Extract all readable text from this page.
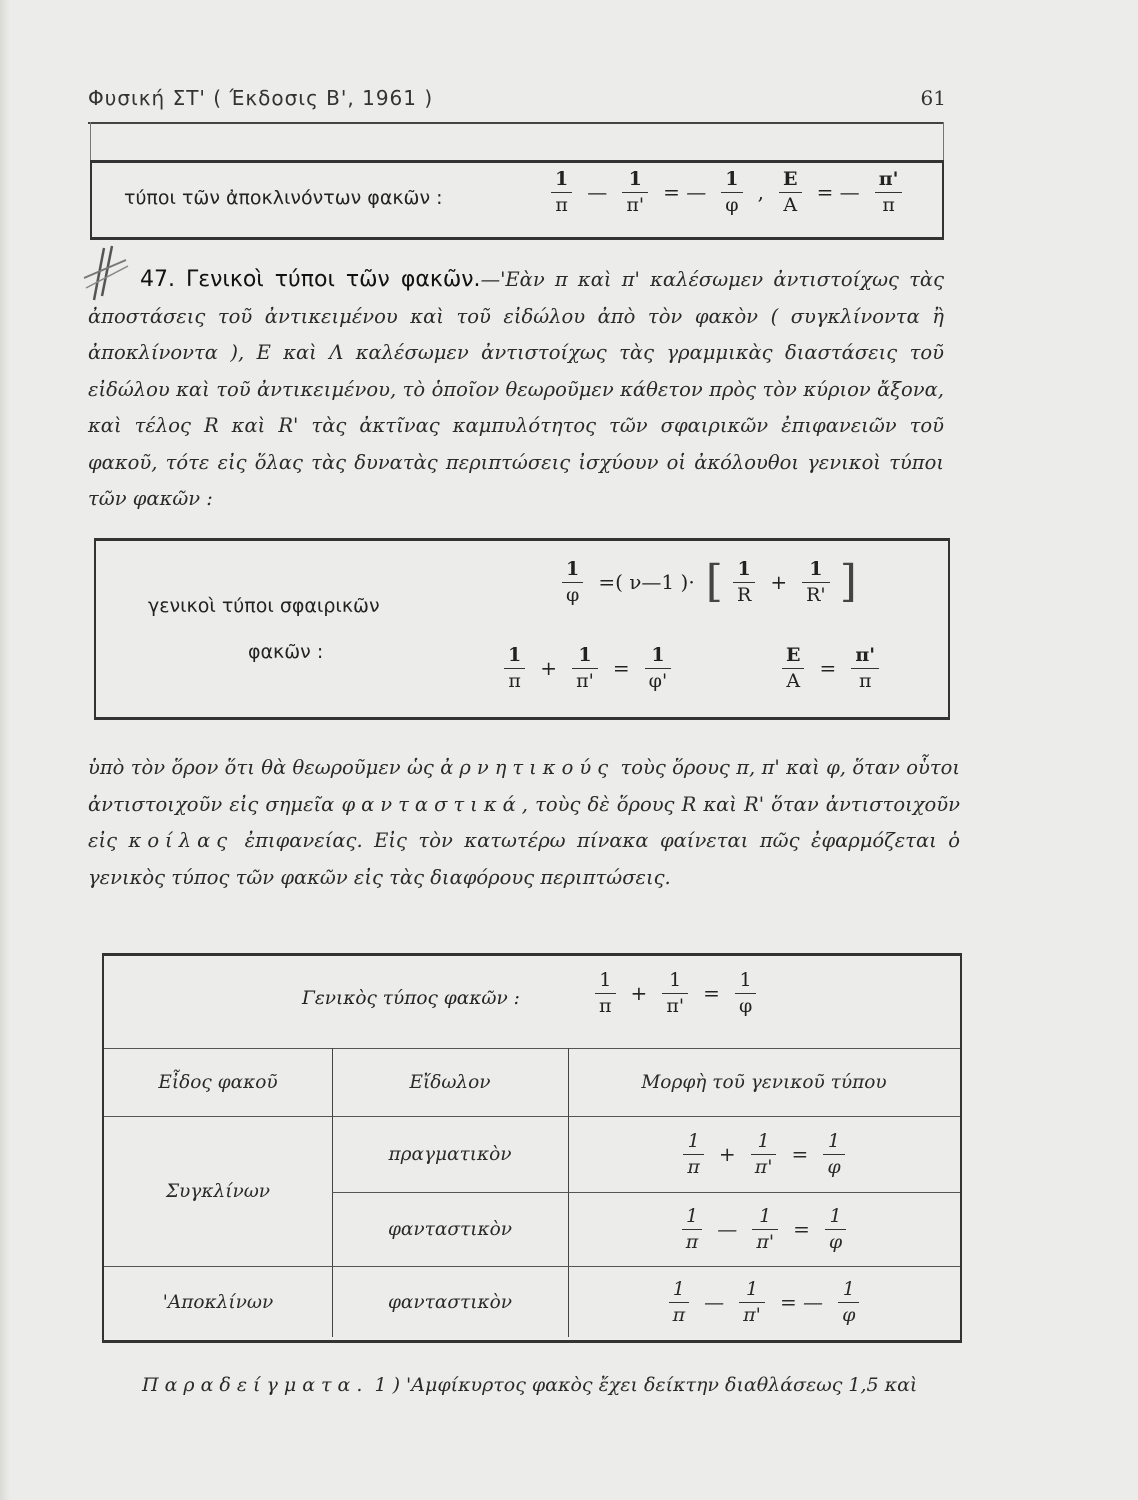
Φυσική ΣΤ' ( Έκδοσις Β', 1961 )	61
τύποι τῶν ἀποκλινόντων φακῶν :	$\frac{1}{\pi}$ — $\frac{1}{\pi'}$ = — $\frac{1}{\varphi}$ , $\frac{E}{A}$ = — $\frac{\pi'}{\pi}$
47. Γενικοὶ τύποι τῶν φακῶν.—'Εὰν π καὶ π' καλέσωμεν ἀντιστοίχως τὰς ἀποστάσεις τοῦ ἀντικειμένου καὶ τοῦ εἰδώλου ἀπὸ τὸν φακὸν ( συγκλίνοντα ἢ ἀποκλίνοντα ), Ε καὶ Λ καλέσωμεν ἀντιστοίχως τὰς γραμμικὰς διαστάσεις τοῦ εἰδώλου καὶ τοῦ ἀντικειμένου, τὸ ὁποῖον θεωροῦμεν κάθετον πρὸς τὸν κύριον ἄξονα, καὶ τέλος R καὶ R' τὰς ἀκτῖνας καμπυλότητος τῶν σφαιρικῶν ἐπιφανειῶν τοῦ φακοῦ, τότε εἰς ὅλας τὰς δυνατὰς περιπτώσεις ἰσχύουν οἱ ἀκόλουθοι γενικοὶ τύποι τῶν φακῶν :
γενικοὶ τύποι σφαιρικῶν
φακῶν :
$\frac{1}{\varphi}$ =( ν—1 )· [ $\frac{1}{R} + \frac{1}{R'}$ ]
$\frac{1}{\pi} + \frac{1}{\pi'} = \frac{1}{\varphi'}$	$\frac{E}{A} = \frac{\pi'}{\pi}$
ὑπὸ τὸν ὅρον ὅτι θὰ θεωροῦμεν ὡς ἀρνητικούς τοὺς ὅρους π, π' καὶ φ, ὅταν οὗτοι ἀντιστοιχοῦν εἰς σημεῖα φανταστικά, τοὺς δὲ ὅρους R καὶ R' ὅταν ἀντιστοιχοῦν εἰς κοίλας ἐπιφανείας. Εἰς τὸν κατωτέρω πίνακα φαίνεται πῶς ἐφαρμόζεται ὁ γενικὸς τύπος τῶν φακῶν εἰς τὰς διαφόρους περιπτώσεις.
Γενικὸς τύπος φακῶν :	$\frac{1}{\pi} + \frac{1}{\pi'} = \frac{1}{\varphi}$
Εἶδος φακοῦ	Εἴδωλον	Μορφὴ τοῦ γενικοῦ τύπου
Συγκλίνων
πραγματικὸν	$\frac{1}{\pi} + \frac{1}{\pi'} = \frac{1}{\varphi}$
φανταστικὸν	$\frac{1}{\pi}$ — $\frac{1}{\pi'} = \frac{1}{\varphi}$
'Αποκλίνων	φανταστικὸν	$\frac{1}{\pi}$ — $\frac{1}{\pi'}$ = — $\frac{1}{\varphi}$
Παραδείγματα. 1 ) 'Αμφίκυρτος φακὸς ἔχει δείκτην διαθλάσεως 1,5 καὶ
